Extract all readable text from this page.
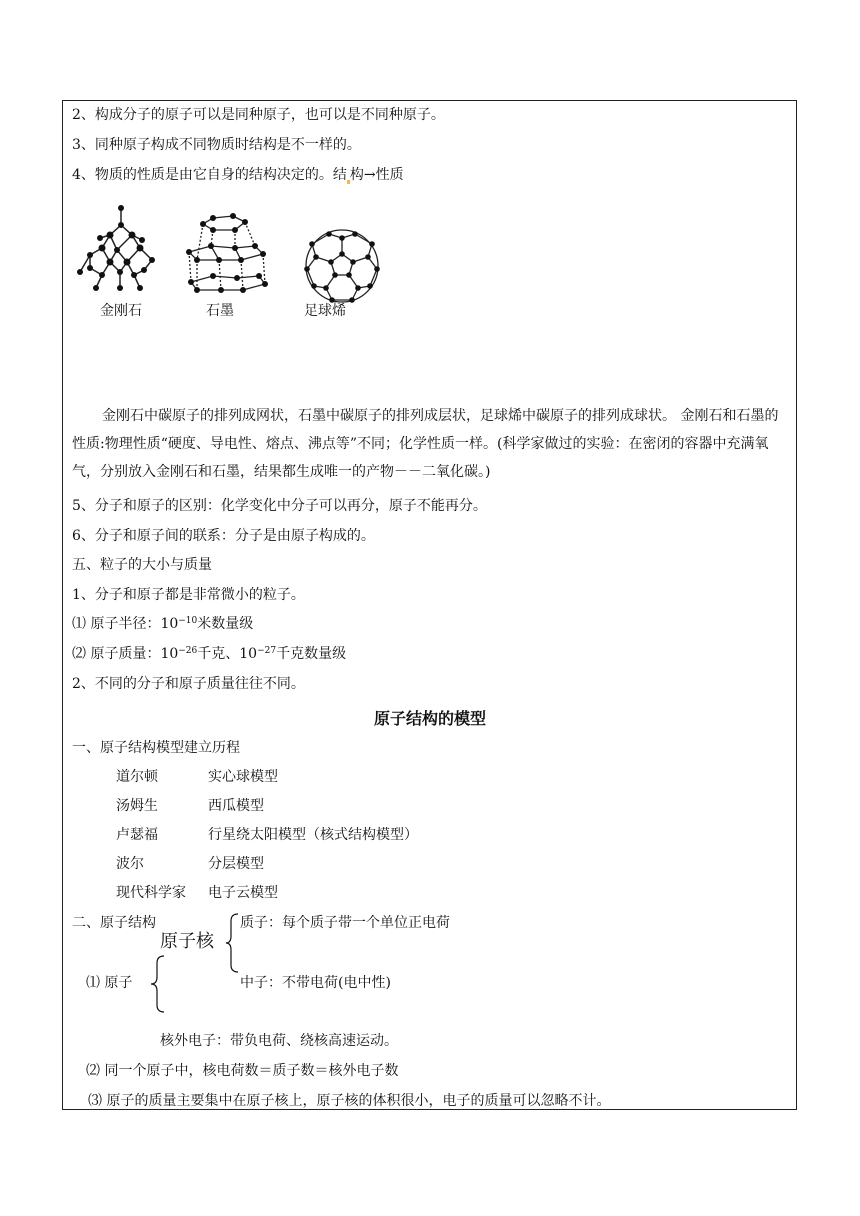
2、构成分子的原子可以是同种原子，也可以是不同种原子。
3、同种原子构成不同物质时结构是不一样的。
4、物质的性质是由它自身的结构决定的。结 构→性质
金刚石	石墨	足球烯
金刚石中碳原子的排列成网状，石墨中碳原子的排列成层状，足球烯中碳原子的排列成球状。 金刚石和石墨的性质:物理性质“硬度、导电性、熔点、沸点等”不同；化学性质一样。(科学家做过的实验：在密闭的容器中充满氧气，分别放入金刚石和石墨，结果都生成唯一的产物－－二氧化碳。)
5、分子和原子的区别：化学变化中分子可以再分，原子不能再分。
6、分子和原子间的联系：分子是由原子构成的。
五、粒子的大小与质量
1、分子和原子都是非常微小的粒子。
⑴ 原子半径：$10^{-10}$米数量级
⑵ 原子质量：$10^{-26}$千克、$10^{-27}$千克数量级
2、不同的分子和原子质量往往不同。
原子结构的模型
一、原子结构模型建立历程
道尔顿	实心球模型
汤姆生	西瓜模型
卢瑟福	行星绕太阳模型（核式结构模型）
波尔	分层模型
现代科学家 电子云模型
二、原子结构
原子核
质子：每个质子带一个单位正电荷
中子：不带电荷(电中性)
⑴ 原子
核外电子：带负电荷、绕核高速运动。
⑵ 同一个原子中，核电荷数＝质子数＝核外电子数
⑶ 原子的质量主要集中在原子核上，原子核的体积很小，电子的质量可以忽略不计。
